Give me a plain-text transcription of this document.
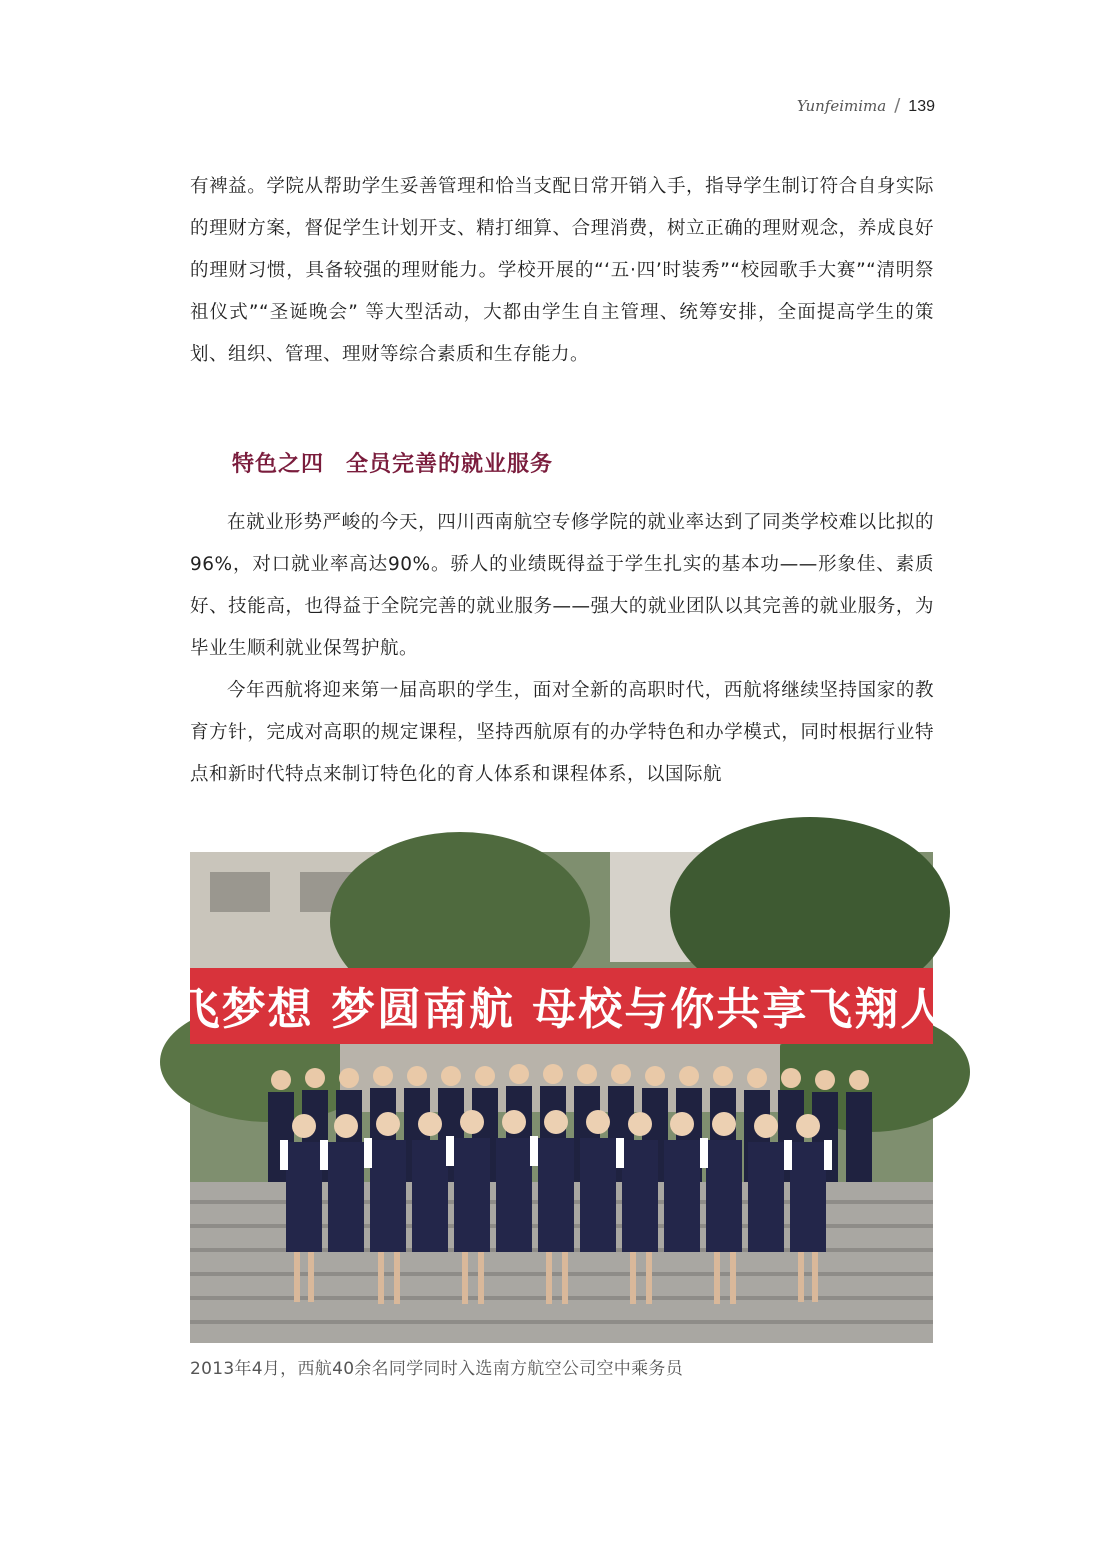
Yunfeimima / 139

有裨益。学院从帮助学生妥善管理和恰当支配日常开销入手，指导学生制订符合自身实际的理财方案，督促学生计划开支、精打细算、合理消费，树立正确的理财观念，养成良好的理财习惯，具备较强的理财能力。学校开展的“‘五·四’时装秀”“校园歌手大赛”“清明祭祖仪式”“圣诞晚会” 等大型活动，大都由学生自主管理、统筹安排，全面提高学生的策划、组织、管理、理财等综合素质和生存能力。

特色之四 全员完善的就业服务

在就业形势严峻的今天，四川西南航空专修学院的就业率达到了同类学校难以比拟的96%，对口就业率高达90%。骄人的业绩既得益于学生扎实的基本功——形象佳、素质好、技能高，也得益于全院完善的就业服务——强大的就业团队以其完善的就业服务，为毕业生顺利就业保驾护航。

今年西航将迎来第一届高职的学生，面对全新的高职时代，西航将继续坚持国家的教育方针，完成对高职的规定课程，坚持西航原有的办学特色和办学模式，同时根据行业特点和新时代特点来制订特色化的育人体系和课程体系，以国际航

放飞梦想 梦圆南航 母校与你共享飞翔人生

2013年4月，西航40余名同学同时入选南方航空公司空中乘务员
